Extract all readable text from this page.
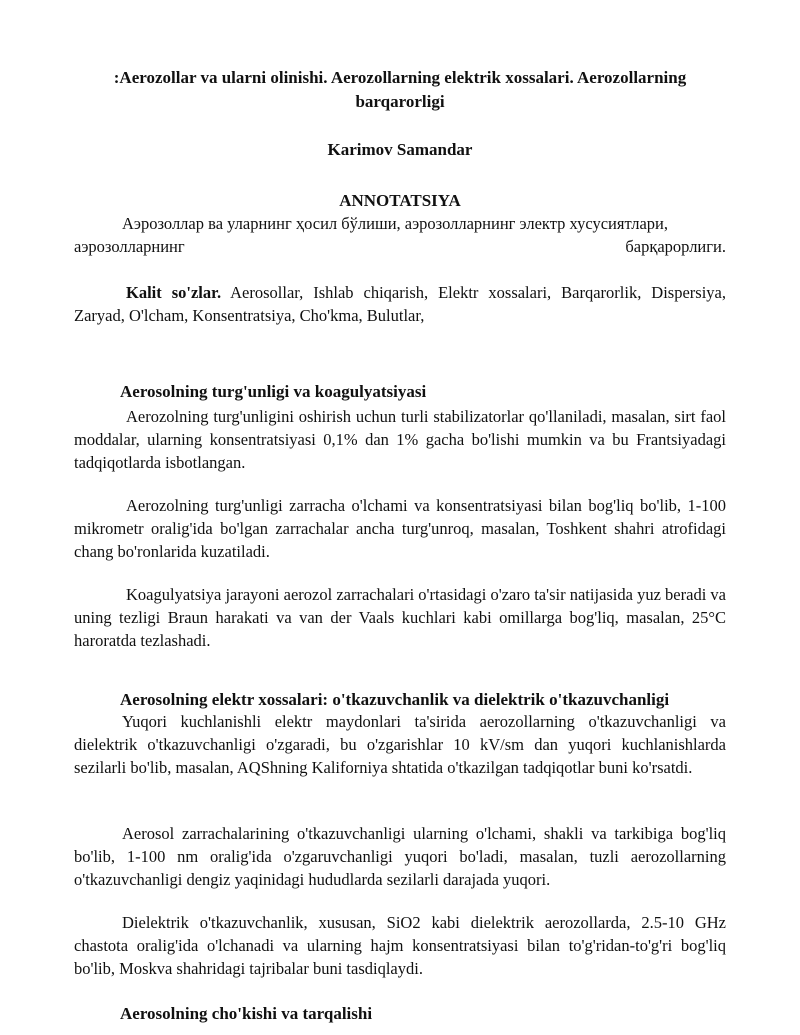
:Aerozollar va ularni olinishi. Aerozollarning elektrik xossalari. Aerozollarning barqarorligi
Karimov Samandar
ANNOTATSIYA
Аэрозоллар ва уларнинг ҳосил бўлиши, аэрозолларнинг электр хусусиятлари,
аэрозолларнинг	барқарорлиги.

Kalit so'zlar. Aerosollar, Ishlab chiqarish, Elektr xossalari, Barqarorlik, Dispersiya, Zaryad, O'lcham, Konsentratsiya, Cho'kma, Bulutlar,

Aerosolning turg'unligi va koagulyatsiyasi

Aerozolning turg'unligini oshirish uchun turli stabilizatorlar qo'llaniladi, masalan, sirt faol moddalar, ularning konsentratsiyasi 0,1% dan 1% gacha bo'lishi mumkin va bu Frantsiyadagi tadqiqotlarda isbotlangan.

Aerozolning turg'unligi zarracha o'lchami va konsentratsiyasi bilan bog'liq bo'lib, 1-100 mikrometr oralig'ida bo'lgan zarrachalar ancha turg'unroq, masalan, Toshkent shahri atrofidagi chang bo'ronlarida kuzatiladi.

Koagulyatsiya jarayoni aerozol zarrachalari o'rtasidagi o'zaro ta'sir natijasida yuz beradi va uning tezligi Braun harakati va van der Vaals kuchlari kabi omillarga bog'liq, masalan, 25°C haroratda tezlashadi.

Aerosolning elektr xossalari: o'tkazuvchanlik va dielektrik o'tkazuvchanligi

Yuqori kuchlanishli elektr maydonlari ta'sirida aerozollarning o'tkazuvchanligi va dielektrik o'tkazuvchanligi o'zgaradi, bu o'zgarishlar 10 kV/sm dan yuqori kuchlanishlarda sezilarli bo'lib, masalan, AQShning Kaliforniya shtatida o'tkazilgan tadqiqotlar buni ko'rsatdi.

Aerosol zarrachalarining o'tkazuvchanligi ularning o'lchami, shakli va tarkibiga bog'liq bo'lib, 1-100 nm oralig'ida o'zgaruvchanligi yuqori bo'ladi, masalan, tuzli aerozollarning o'tkazuvchanligi dengiz yaqinidagi hududlarda sezilarli darajada yuqori.

Dielektrik o'tkazuvchanlik, xususan, SiO2 kabi dielektrik aerozollarda, 2.5-10 GHz chastota oralig'ida o'lchanadi va ularning hajm konsentratsiyasi bilan to'g'ridan-to'g'ri bog'liq bo'lib, Moskva shahridagi tajribalar buni tasdiqlaydi.

Aerosolning cho'kishi va tarqalishi
